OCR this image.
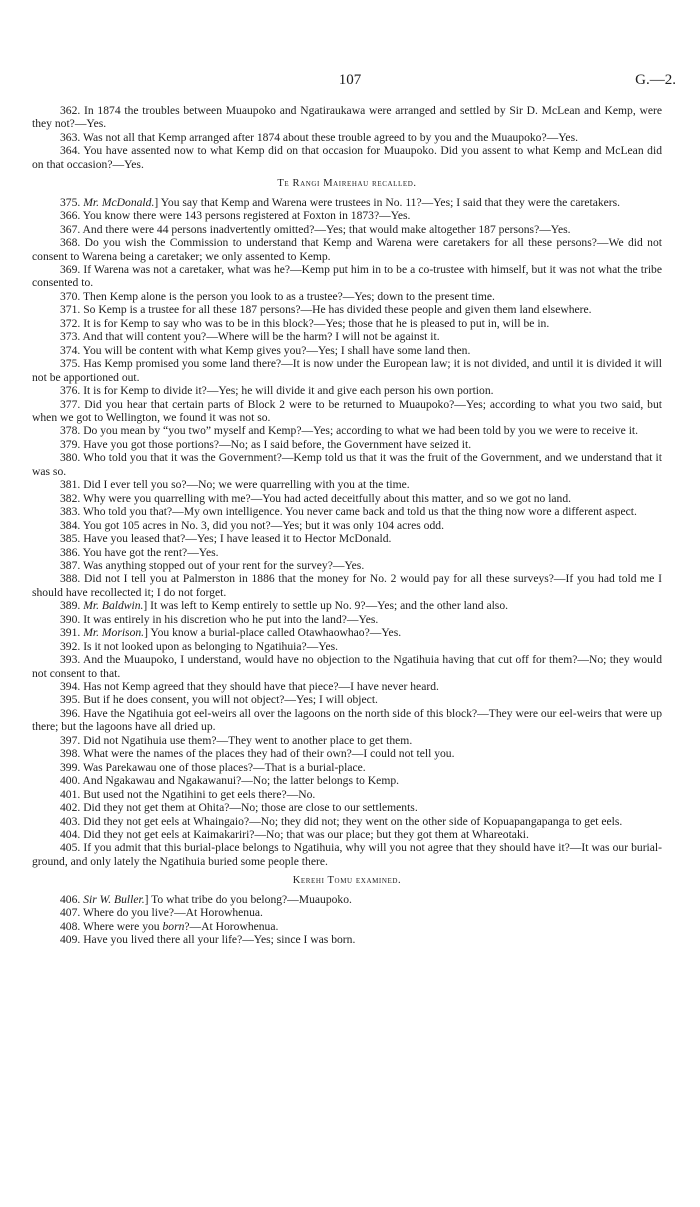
107	G.—2.

362. In 1874 the troubles between Muaupoko and Ngatiraukawa were arranged and settled by Sir D. McLean and Kemp, were they not?—Yes.

363. Was not all that Kemp arranged after 1874 about these trouble agreed to by you and the Muaupoko?—Yes.

364. You have assented now to what Kemp did on that occasion for Muaupoko. Did you assent to what Kemp and McLean did on that occasion?—Yes.

Te Rangi Mairehau recalled.

375. Mr. McDonald.] You say that Kemp and Warena were trustees in No. 11?—Yes; I said that they were the caretakers.

366. You know there were 143 persons registered at Foxton in 1873?—Yes.

367. And there were 44 persons inadvertently omitted?—Yes; that would make altogether 187 persons?—Yes.

368. Do you wish the Commission to understand that Kemp and Warena were caretakers for all these persons?—We did not consent to Warena being a caretaker; we only assented to Kemp.

369. If Warena was not a caretaker, what was he?—Kemp put him in to be a co-trustee with himself, but it was not what the tribe consented to.

370. Then Kemp alone is the person you look to as a trustee?—Yes; down to the present time.

371. So Kemp is a trustee for all these 187 persons?—He has divided these people and given them land elsewhere.

372. It is for Kemp to say who was to be in this block?—Yes; those that he is pleased to put in, will be in.

373. And that will content you?—Where will be the harm? I will not be against it.

374. You will be content with what Kemp gives you?—Yes; I shall have some land then.

375. Has Kemp promised you some land there?—It is now under the European law; it is not divided, and until it is divided it will not be apportioned out.

376. It is for Kemp to divide it?—Yes; he will divide it and give each person his own portion.

377. Did you hear that certain parts of Block 2 were to be returned to Muaupoko?—Yes; according to what you two said, but when we got to Wellington, we found it was not so.

378. Do you mean by “you two” myself and Kemp?—Yes; according to what we had been told by you we were to receive it.

379. Have you got those portions?—No; as I said before, the Government have seized it.

380. Who told you that it was the Government?—Kemp told us that it was the fruit of the Government, and we understand that it was so.

381. Did I ever tell you so?—No; we were quarrelling with you at the time.

382. Why were you quarrelling with me?—You had acted deceitfully about this matter, and so we got no land.

383. Who told you that?—My own intelligence. You never came back and told us that the thing now wore a different aspect.

384. You got 105 acres in No. 3, did you not?—Yes; but it was only 104 acres odd.

385. Have you leased that?—Yes; I have leased it to Hector McDonald.

386. You have got the rent?—Yes.

387. Was anything stopped out of your rent for the survey?—Yes.

388. Did not I tell you at Palmerston in 1886 that the money for No. 2 would pay for all these surveys?—If you had told me I should have recollected it; I do not forget.

389. Mr. Baldwin.] It was left to Kemp entirely to settle up No. 9?—Yes; and the other land also.

390. It was entirely in his discretion who he put into the land?—Yes.

391. Mr. Morison.] You know a burial-place called Otawhaowhao?—Yes.

392. Is it not looked upon as belonging to Ngatihuia?—Yes.

393. And the Muaupoko, I understand, would have no objection to the Ngatihuia having that cut off for them?—No; they would not consent to that.

394. Has not Kemp agreed that they should have that piece?—I have never heard.

395. But if he does consent, you will not object?—Yes; I will object.

396. Have the Ngatihuia got eel-weirs all over the lagoons on the north side of this block?—They were our eel-weirs that were up there; but the lagoons have all dried up.

397. Did not Ngatihuia use them?—They went to another place to get them.

398. What were the names of the places they had of their own?—I could not tell you.

399. Was Parekawau one of those places?—That is a burial-place.

400. And Ngakawau and Ngakawanui?—No; the latter belongs to Kemp.

401. But used not the Ngatihini to get eels there?—No.

402. Did they not get them at Ohita?—No; those are close to our settlements.

403. Did they not get eels at Whaingaio?—No; they did not; they went on the other side of Kopuapangapanga to get eels.

404. Did they not get eels at Kaimakariri?—No; that was our place; but they got them at Whareotaki.

405. If you admit that this burial-place belongs to Ngatihuia, why will you not agree that they should have it?—It was our burial-ground, and only lately the Ngatihuia buried some people there.

Kerehi Tomu examined.

406. Sir W. Buller.] To what tribe do you belong?—Muaupoko.

407. Where do you live?—At Horowhenua.

408. Where were you born?—At Horowhenua.

409. Have you lived there all your life?—Yes; since I was born.
